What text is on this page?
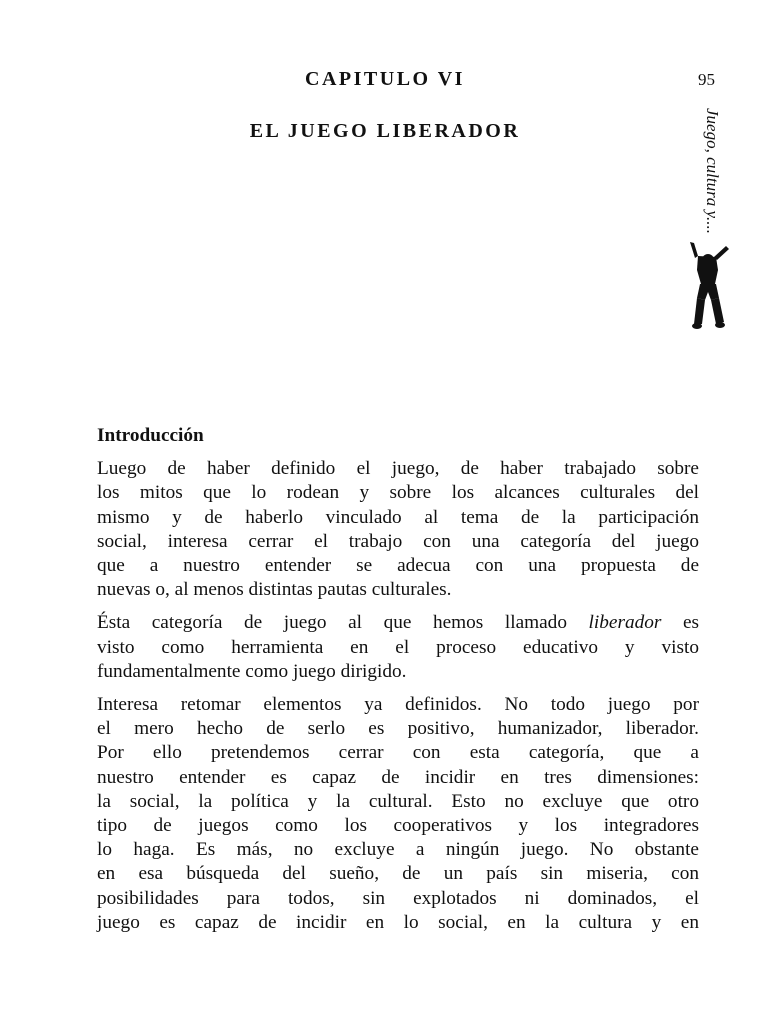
CAPITULO VI
EL JUEGO LIBERADOR
95
Juego, cultura y....
Introducción
Luego de haber definido el juego, de haber trabajado sobre
los mitos que lo rodean y sobre los alcances culturales del
mismo y de haberlo vinculado al tema de la participación
social, interesa cerrar el trabajo con una categoría del juego
que a nuestro entender se adecua con una propuesta de
nuevas o, al menos distintas pautas culturales.
Ésta categoría de juego al que hemos llamado liberador es
visto como herramienta en el proceso educativo y visto
fundamentalmente como juego dirigido.
Interesa retomar elementos ya definidos. No todo juego por
el mero hecho de serlo es positivo, humanizador, liberador.
Por ello pretendemos cerrar con esta categoría, que a
nuestro entender es capaz de incidir en tres dimensiones:
la social, la política y la cultural. Esto no excluye que otro
tipo de juegos como los cooperativos y los integradores
lo haga. Es más, no excluye a ningún juego. No obstante
en esa búsqueda del sueño, de un país sin miseria, con
posibilidades para todos, sin explotados ni dominados, el
juego es capaz de incidir en lo social, en la cultura y en
